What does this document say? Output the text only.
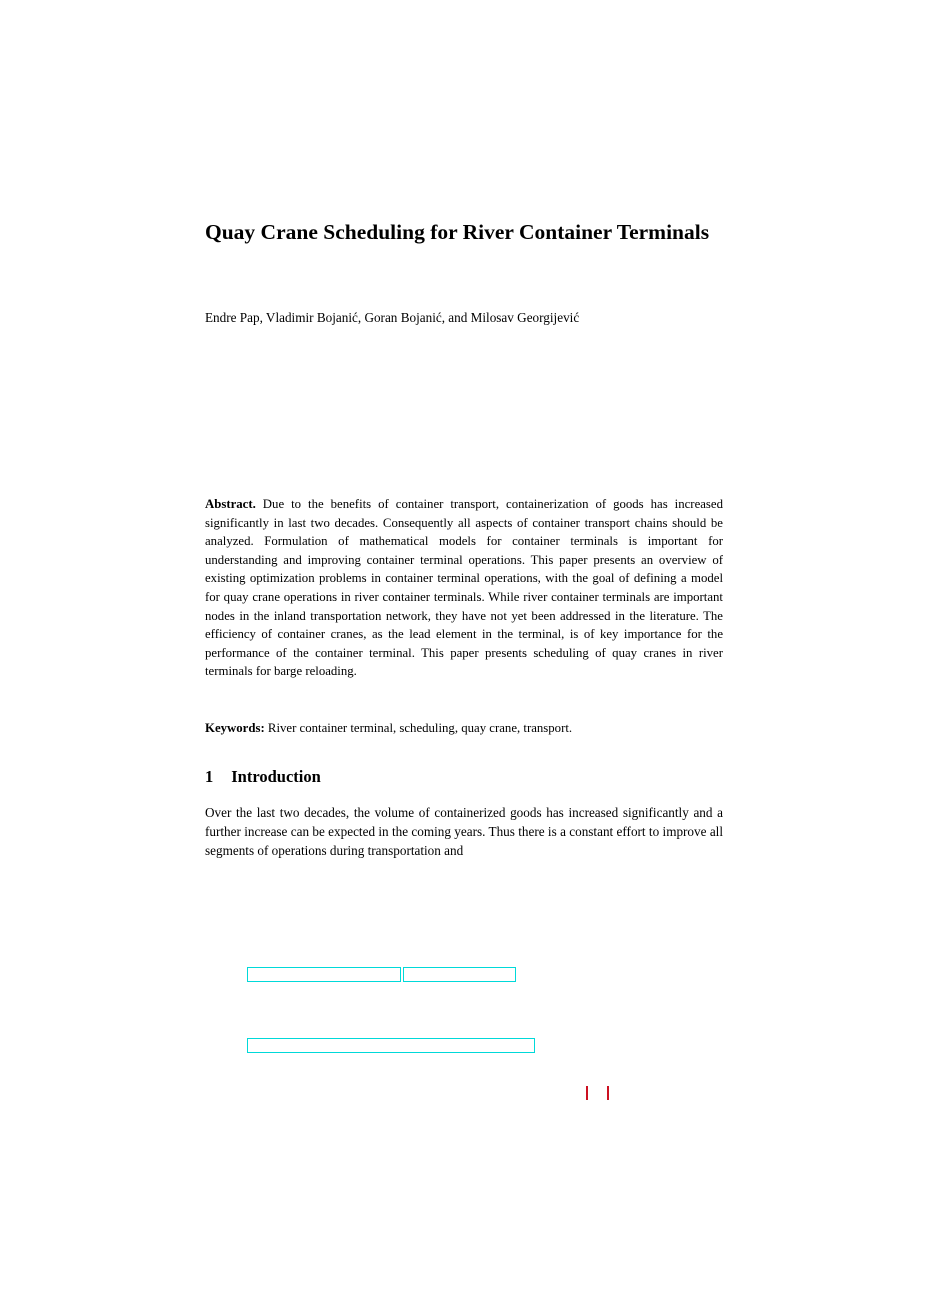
Quay Crane Scheduling for River Container Terminals
Endre Pap, Vladimir Bojanić, Goran Bojanić, and Milosav Georgijević

Abstract. Due to the benefits of container transport, containerization of goods has increased significantly in last two decades. Consequently all aspects of container transport chains should be analyzed. Formulation of mathematical models for container terminals is important for understanding and improving container terminal operations. This paper presents an overview of existing optimization problems in container terminal operations, with the goal of defining a model for quay crane operations in river container terminals. While river container terminals are important nodes in the inland transportation network, they have not yet been addressed in the literature. The efficiency of container cranes, as the lead element in the terminal, is of key importance for the performance of the container terminal. This paper presents scheduling of quay cranes in river terminals for barge reloading.

Keywords: River container terminal, scheduling, quay crane, transport.

1 Introduction

Over the last two decades, the volume of containerized goods has increased significantly and a further increase can be expected in the coming years. Thus there is a constant effort to improve all segments of operations during transportation and
